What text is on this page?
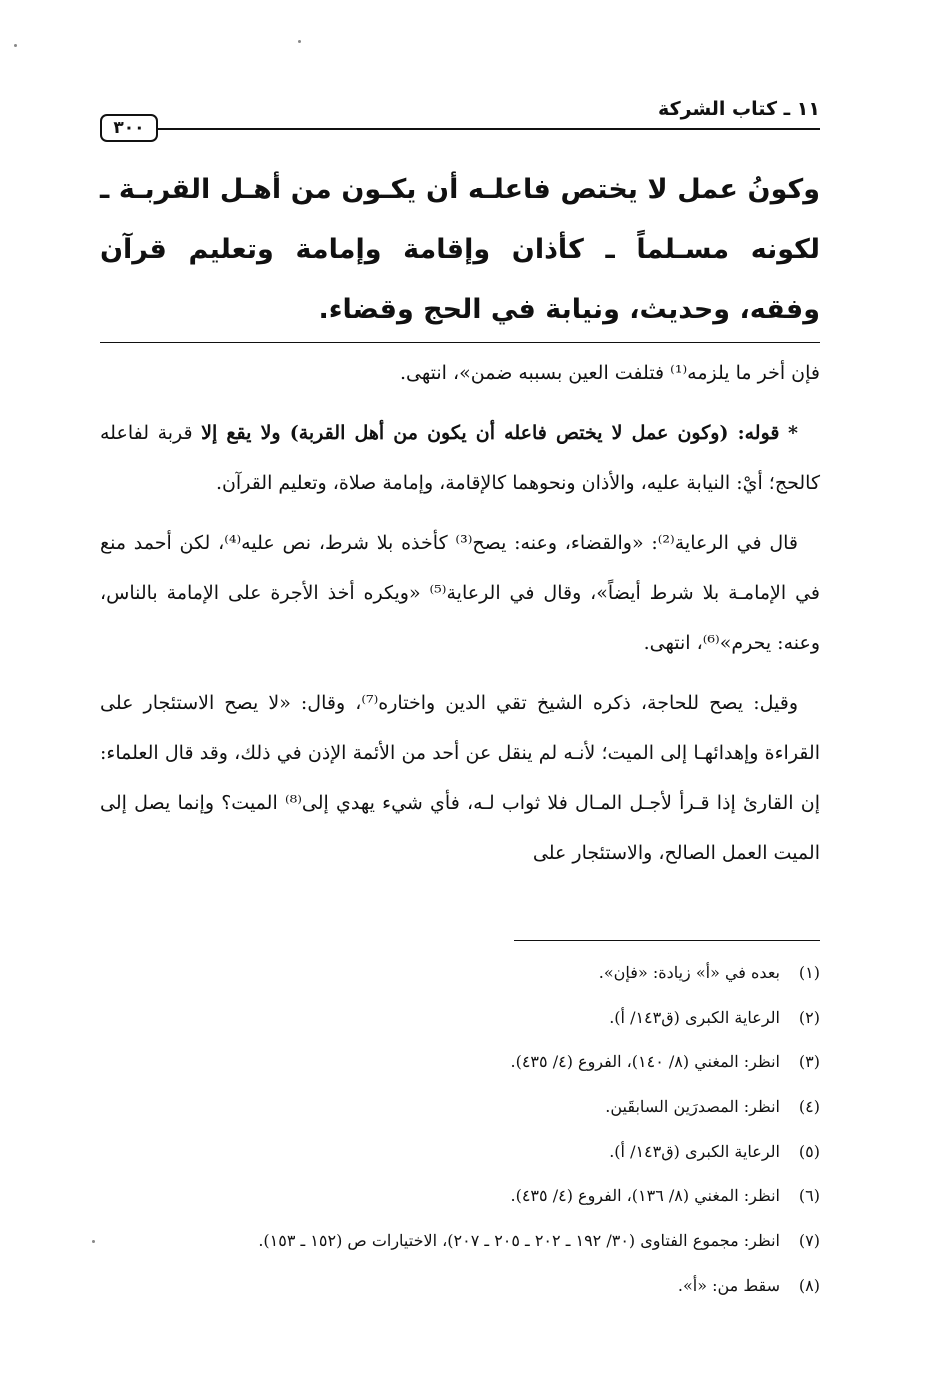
١١ ـ كتاب الشركة
٣٠٠
وكونُ عمل لا يختص فاعلـه أن يكـون من أهـل القربـة ـ لكونه مسـلماً ـ كأذان وإقامة وإمامة وتعليم قرآن وفقه، وحديث، ونيابة في الحج وقضاء.

فإن أخر ما يلزمه⁽¹⁾ فتلفت العين بسببه ضمن»، انتهى.

* قوله: (وكون عمل لا يختص فاعله أن يكون من أهل القربة) ولا يقع إلا قربة لفاعله كالحج؛ أيْ: النيابة عليه، والأذان ونحوهما كالإقامة، وإمامة صلاة، وتعليم القرآن.

قال في الرعاية⁽²⁾: «والقضاء، وعنه: يصح⁽³⁾ كأخذه بلا شرط، نص عليه⁽⁴⁾، لكن أحمد منع في الإمامـة بلا شرط أيضاً»، وقال في الرعاية⁽⁵⁾ «ويكره أخذ الأجرة على الإمامة بالناس، وعنه: يحرم»⁽⁶⁾، انتهى.

وقيل: يصح للحاجة، ذكره الشيخ تقي الدين واختاره⁽⁷⁾، وقال: «لا يصح الاستئجار على القراءة وإهدائهـا إلى الميت؛ لأنـه لم ينقل عن أحد من الأئمة الإذن في ذلك، وقد قال العلماء: إن القارئ إذا قـرأ لأجـل المـال فلا ثواب لـه، فأي شيء يهدي إلى⁽⁸⁾ الميت؟ وإنما يصل إلى الميت العمل الصالح، والاستئجار على

(١)بعده في «أ» زيادة: «فإن».
(٢)الرعاية الكبرى (ق١٤٣/ أ).
(٣)انظر: المغني (٨/ ١٤٠)، الفروع (٤/ ٤٣٥).
(٤)انظر: المصدرَين السابقَين.
(٥)الرعاية الكبرى (ق١٤٣/ أ).
(٦)انظر: المغني (٨/ ١٣٦)، الفروع (٤/ ٤٣٥).
(٧)انظر: مجموع الفتاوى (٣٠/ ١٩٢ ـ ٢٠٢ ـ ٢٠٥ ـ ٢٠٧)، الاختيارات ص (١٥٢ ـ ١٥٣).
(٨)سقط من: «أ».
